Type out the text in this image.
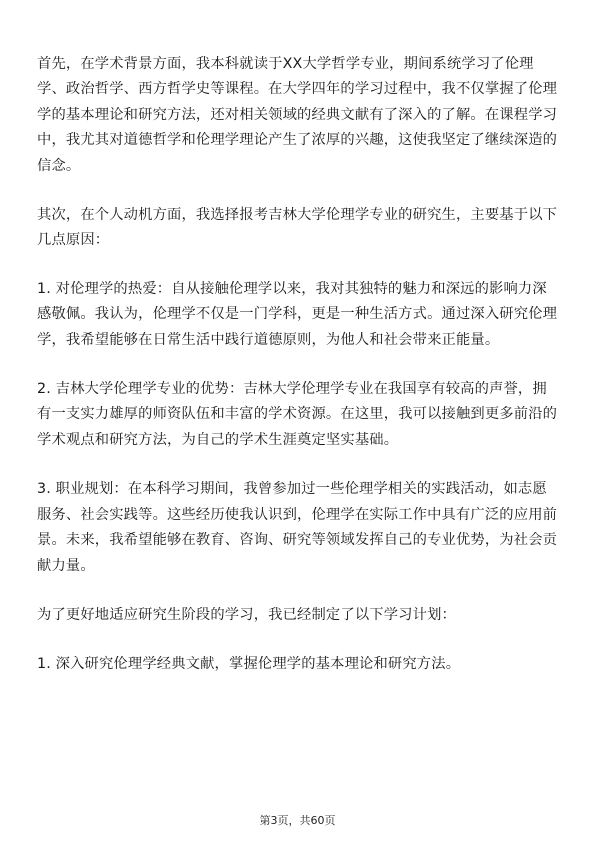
首先，在学术背景方面，我本科就读于XX大学哲学专业，期间系统学习了伦理学、政治哲学、西方哲学史等课程。在大学四年的学习过程中，我不仅掌握了伦理学的基本理论和研究方法，还对相关领域的经典文献有了深入的了解。在课程学习中，我尤其对道德哲学和伦理学理论产生了浓厚的兴趣，这使我坚定了继续深造的信念。

其次，在个人动机方面，我选择报考吉林大学伦理学专业的研究生，主要基于以下几点原因：

1. 对伦理学的热爱：自从接触伦理学以来，我对其独特的魅力和深远的影响力深感敬佩。我认为，伦理学不仅是一门学科，更是一种生活方式。通过深入研究伦理学，我希望能够在日常生活中践行道德原则，为他人和社会带来正能量。

2. 吉林大学伦理学专业的优势：吉林大学伦理学专业在我国享有较高的声誉，拥有一支实力雄厚的师资队伍和丰富的学术资源。在这里，我可以接触到更多前沿的学术观点和研究方法，为自己的学术生涯奠定坚实基础。

3. 职业规划：在本科学习期间，我曾参加过一些伦理学相关的实践活动，如志愿服务、社会实践等。这些经历使我认识到，伦理学在实际工作中具有广泛的应用前景。未来，我希望能够在教育、咨询、研究等领域发挥自己的专业优势，为社会贡献力量。

为了更好地适应研究生阶段的学习，我已经制定了以下学习计划：

1. 深入研究伦理学经典文献，掌握伦理学的基本理论和研究方法。

第3页，共60页
